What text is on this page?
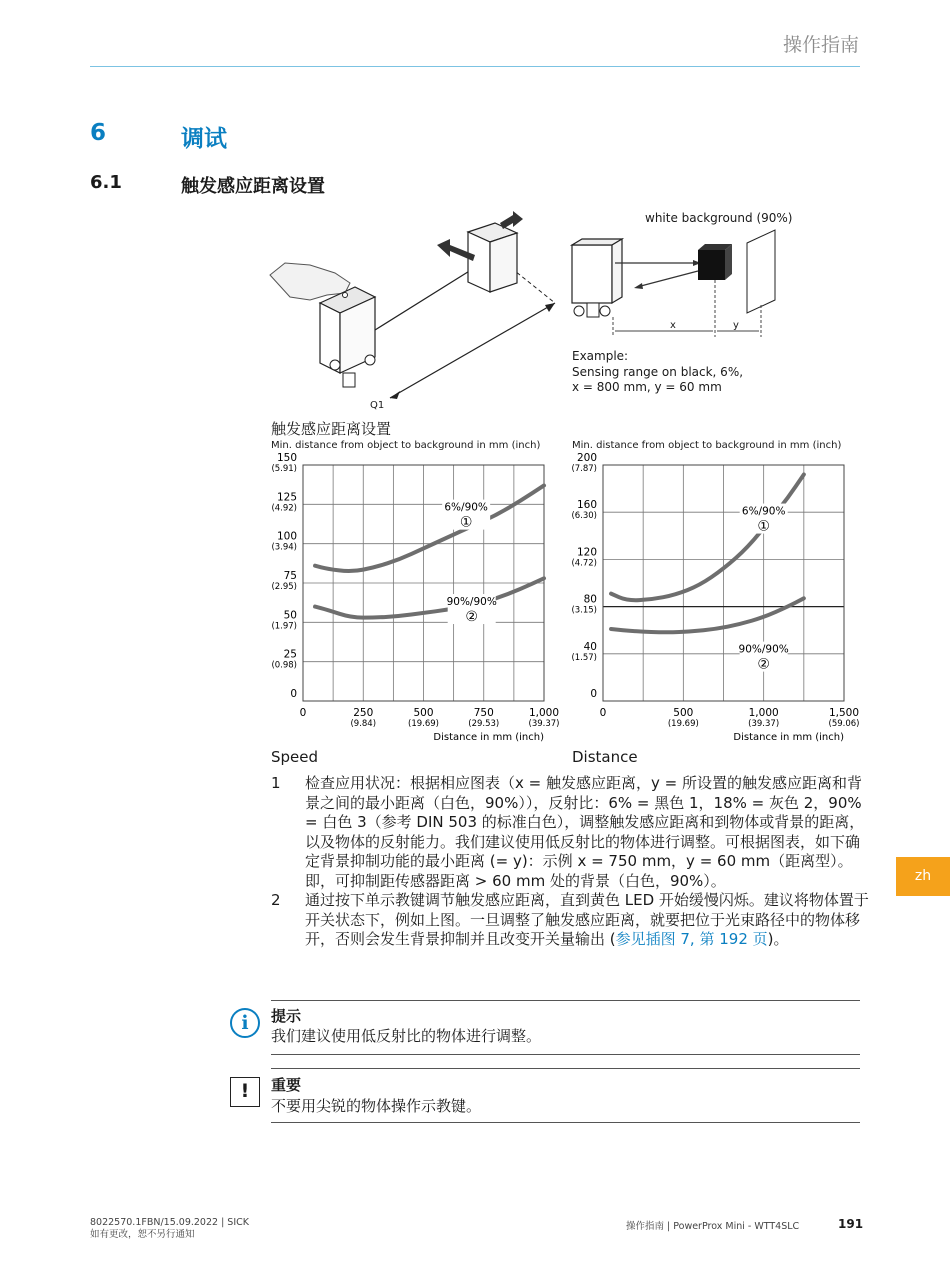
操作指南
6	调试
6.1	触发感应距离设置
Q1
white background (90%)
x	y
Example:
Sensing range on black, 6%,
x = 800 mm, y = 60 mm
触发感应距离设置
Min. distance from object to background in mm (inch)
0
25
(0.98)
50
(1.97)
75
(2.95)
100
(3.94)
125
(4.92)
150
(5.91)
0	250
(9.84)
500
(19.69)
750
(29.53)
1,000
(39.37)
Distance in mm (inch)
6%/90%
①
90%/90%
②
Speed
Min. distance from object to background in mm (inch)
0
40
(1.57)
80
(3.15)
120
(4.72)
160
(6.30)
200
(7.87)
0	500
(19.69)
1,000
(39.37)
1,500
(59.06)
Distance in mm (inch)
6%/90%
①
90%/90%
②
Distance
1	检查应用状况：根据相应图表（x = 触发感应距离，y = 所设置的触发感应距离和背景之间的最小距离（白色，90%）），反射比：6% = 黑色 1，18% = 灰色 2，90% = 白色 3（参考 DIN 503 的标准白色），调整触发感应距离和到物体或背景的距离，以及物体的反射能力。我们建议使用低反射比的物体进行调整。可根据图表，如下确定背景抑制功能的最小距离 (= y)：示例 x = 750 mm，y = 60 mm（距离型）。即，可抑制距传感器距离 > 60 mm 处的背景（白色，90%）。
2	通过按下单示教键调节触发感应距离，直到黄色 LED 开始缓慢闪烁。建议将物体置于开关状态下，例如上图。一旦调整了触发感应距离，就要把位于光束路径中的物体移开，否则会发生背景抑制并且改变开关量输出 (参见插图 7, 第 192 页)。
i	提示
我们建议使用低反射比的物体进行调整。
!	重要
不要用尖锐的物体操作示教键。
zh
8022570.1FBN/15.09.2022 | SICK
如有更改，恕不另行通知
操作指南 | PowerProx Mini - WTT4SLC	191
